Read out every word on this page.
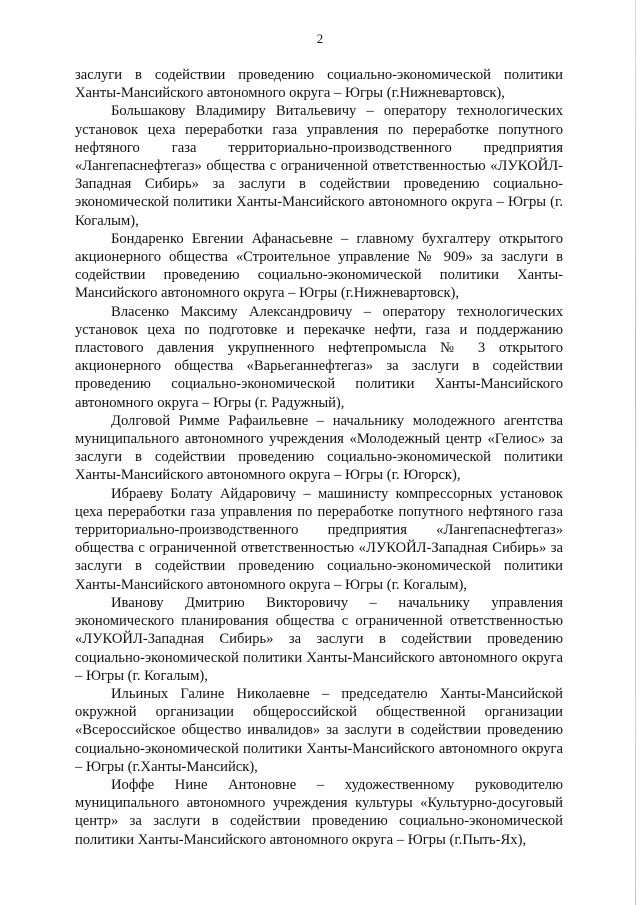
2

заслуги в содействии проведению социально-экономической политики Ханты-Мансийского автономного округа – Югры (г.Нижневартовск),

Большакову Владимиру Витальевичу – оператору технологических установок цеха переработки газа управления по переработке попутного нефтяного газа территориально-производственного предприятия «Лангепаснефтегаз» общества с ограниченной ответственностью «ЛУКОЙЛ-Западная Сибирь» за заслуги в содействии проведению социально-экономической политики Ханты-Мансийского автономного округа – Югры (г. Когалым),

Бондаренко Евгении Афанасьевне – главному бухгалтеру открытого акционерного общества «Строительное управление № 909» за заслуги в содействии проведению социально-экономической политики Ханты-Мансийского автономного округа – Югры (г.Нижневартовск),

Власенко Максиму Александровичу – оператору технологических установок цеха по подготовке и перекачке нефти, газа и поддержанию пластового давления укрупненного нефтепромысла № 3 открытого акционерного общества «Варьеганнефтегаз» за заслуги в содействии проведению социально-экономической политики Ханты-Мансийского автономного округа – Югры (г. Радужный),

Долговой Римме Рафаильевне – начальнику молодежного агентства муниципального автономного учреждения «Молодежный центр «Гелиос» за заслуги в содействии проведению социально-экономической политики Ханты-Мансийского автономного округа – Югры (г. Югорск),

Ибраеву Болату Айдаровичу – машинисту компрессорных установок цеха переработки газа управления по переработке попутного нефтяного газа территориально-производственного предприятия «Лангепаснефтегаз» общества с ограниченной ответственностью «ЛУКОЙЛ-Западная Сибирь» за заслуги в содействии проведению социально-экономической политики Ханты-Мансийского автономного округа – Югры (г. Когалым),

Иванову Дмитрию Викторовичу – начальнику управления экономического планирования общества с ограниченной ответственностью «ЛУКОЙЛ-Западная Сибирь» за заслуги в содействии проведению социально-экономической политики Ханты-Мансийского автономного округа – Югры (г. Когалым),

Ильиных Галине Николаевне – председателю Ханты-Мансийской окружной организации общероссийской общественной организации «Всероссийское общество инвалидов» за заслуги в содействии проведению социально-экономической политики Ханты-Мансийского автономного округа – Югры (г.Ханты-Мансийск),

Иоффе Нине Антоновне – художественному руководителю муниципального автономного учреждения культуры «Культурно-досуговый центр» за заслуги в содействии проведению социально-экономической политики Ханты-Мансийского автономного округа – Югры (г.Пыть-Ях),
